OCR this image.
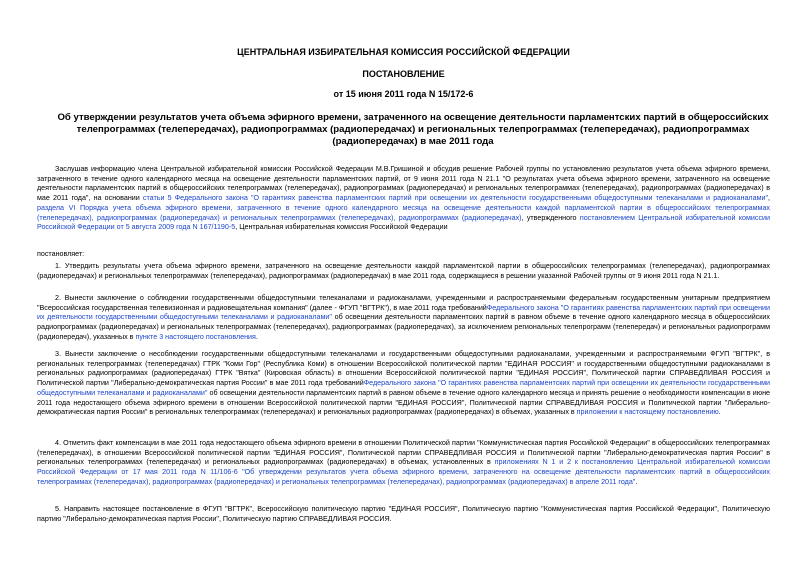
ЦЕНТРАЛЬНАЯ ИЗБИРАТЕЛЬНАЯ КОМИССИЯ РОССИЙСКОЙ ФЕДЕРАЦИИ
ПОСТАНОВЛЕНИЕ
от 15 июня 2011 года N 15/172-6
Об утверждении результатов учета объема эфирного времени, затраченного на освещение деятельности парламентских партий в общероссийских телепрограммах (телепередачах), радиопрограммах (радиопередачах) и региональных телепрограммах (телепередачах), радиопрограммах (радиопередачах) в мае 2011 года
Заслушав информацию члена Центральной избирательной комиссии Российской Федерации М.В.Гришиной и обсудив решение Рабочей группы по установлению результатов учета объема эфирного времени, затраченного в течение одного календарного месяца на освещение деятельности парламентских партий, от 9 июня 2011 года N 21.1 "О результатах учета объема эфирного времени, затраченного на освещение деятельности парламентских партий в общероссийских телепрограммах (телепередачах), радиопрограммах (радиопередачах) и региональных телепрограммах (телепередачах), радиопрограммах (радиопередачах) в мае 2011 года", на основании статьи 5 Федерального закона "О гарантиях равенства парламентских партий при освещении их деятельности государственными общедоступными телеканалами и радиоканалами", раздела VI Порядка учета объема эфирного времени, затраченного в течение одного календарного месяца на освещение деятельности каждой парламентской партии в общероссийских телепрограммах (телепередачах), радиопрограммах (радиопередачах) и региональных телепрограммах (телепередачах), радиопрограммах (радиопередачах), утвержденного постановлением Центральной избирательной комиссии Российской Федерации от 5 августа 2009 года N 167/1190-5, Центральная избирательная комиссия Российской Федерации
постановляет:
1. Утвердить результаты учета объема эфирного времени, затраченного на освещение деятельности каждой парламентской партии в общероссийских телепрограммах (телепередачах), радиопрограммах (радиопередачах) и региональных телепрограммах (телепередачах), радиопрограммах (радиопередачах) в мае 2011 года, содержащиеся в решении указанной Рабочей группы от 9 июня 2011 года N 21.1.
2. Вынести заключение о соблюдении государственными общедоступными телеканалами и радиоканалами, учрежденными и распространяемыми федеральным государственным унитарным предприятием "Всероссийская государственная телевизионная и радиовещательная компания" (далее - ФГУП "ВГТРК"), в мае 2011 года требованийФедерального закона "О гарантиях равенства парламентских партий при освещении их деятельности государственными общедоступными телеканалами и радиоканалами" об освещении деятельности парламентских партий в равном объеме в течение одного календарного месяца в общероссийских радиопрограммах (радиопередачах) и региональных телепрограммах (телепередачах), радиопрограммах (радиопередачах), за исключением региональных телепрограмм (телепередач) и региональных радиопрограмм (радиопередач), указанных в пункте 3 настоящего постановления.
3. Вынести заключение о несоблюдении государственными общедоступными телеканалами и государственными общедоступными радиоканалами, учрежденными и распространяемыми ФГУП "ВГТРК", в региональных телепрограммах (телепередачах) ГТРК "Коми Гор" (Республика Коми) в отношении Всероссийской политической партии "ЕДИНАЯ РОССИЯ" и государственными общедоступными радиоканалами в региональных радиопрограммах (радиопередачах) ГТРК "Вятка" (Кировская область) в отношении Всероссийской политической партии "ЕДИНАЯ РОССИЯ", Политической партии СПРАВЕДЛИВАЯ РОССИЯ и Политической партии "Либерально-демократическая партия России" в мае 2011 года требованийФедерального закона "О гарантиях равенства парламентских партий при освещении их деятельности государственными общедоступными телеканалами и радиоканалами" об освещении деятельности парламентских партий в равном объеме в течение одного календарного месяца и принять решение о необходимости компенсации в июне 2011 года недостающего объема эфирного времени в отношении Всероссийской политической партии "ЕДИНАЯ РОССИЯ", Политической партии СПРАВЕДЛИВАЯ РОССИЯ и Политической партии "Либерально-демократическая партия России" в региональных телепрограммах (телепередачах) и региональных радиопрограммах (радиопередачах) в объемах, указанных в приложении к настоящему постановлению.
4. Отметить факт компенсации в мае 2011 года недостающего объема эфирного времени в отношении Политической партии "Коммунистическая партия Российской Федерации" в общероссийских телепрограммах (телепередачах), в отношении Всероссийской политической партии "ЕДИНАЯ РОССИЯ", Политической партии СПРАВЕДЛИВАЯ РОССИЯ и Политической партии "Либерально-демократическая партия России" в региональных телепрограммах (телепередачах) и региональных радиопрограммах (радиопередачах) в объемах, установленных в приложениях N 1 и 2 к постановлению Центральной избирательной комиссии Российской Федерации от 17 мая 2011 года N 11/106-6 "Об утверждении результатов учета объема эфирного времени, затраченного на освещение деятельности парламентских партий в общероссийских телепрограммах (телепередачах), радиопрограммах (радиопередачах) и региональных телепрограммах (телепередачах), радиопрограммах (радиопередачах) в апреле 2011 года".
5. Направить настоящее постановление в ФГУП "ВГТРК", Всероссийскую политическую партию "ЕДИНАЯ РОССИЯ", Политическую партию "Коммунистическая партия Российской Федерации", Политическую партию "Либерально-демократическая партия России", Политическую партию СПРАВЕДЛИВАЯ РОССИЯ.
